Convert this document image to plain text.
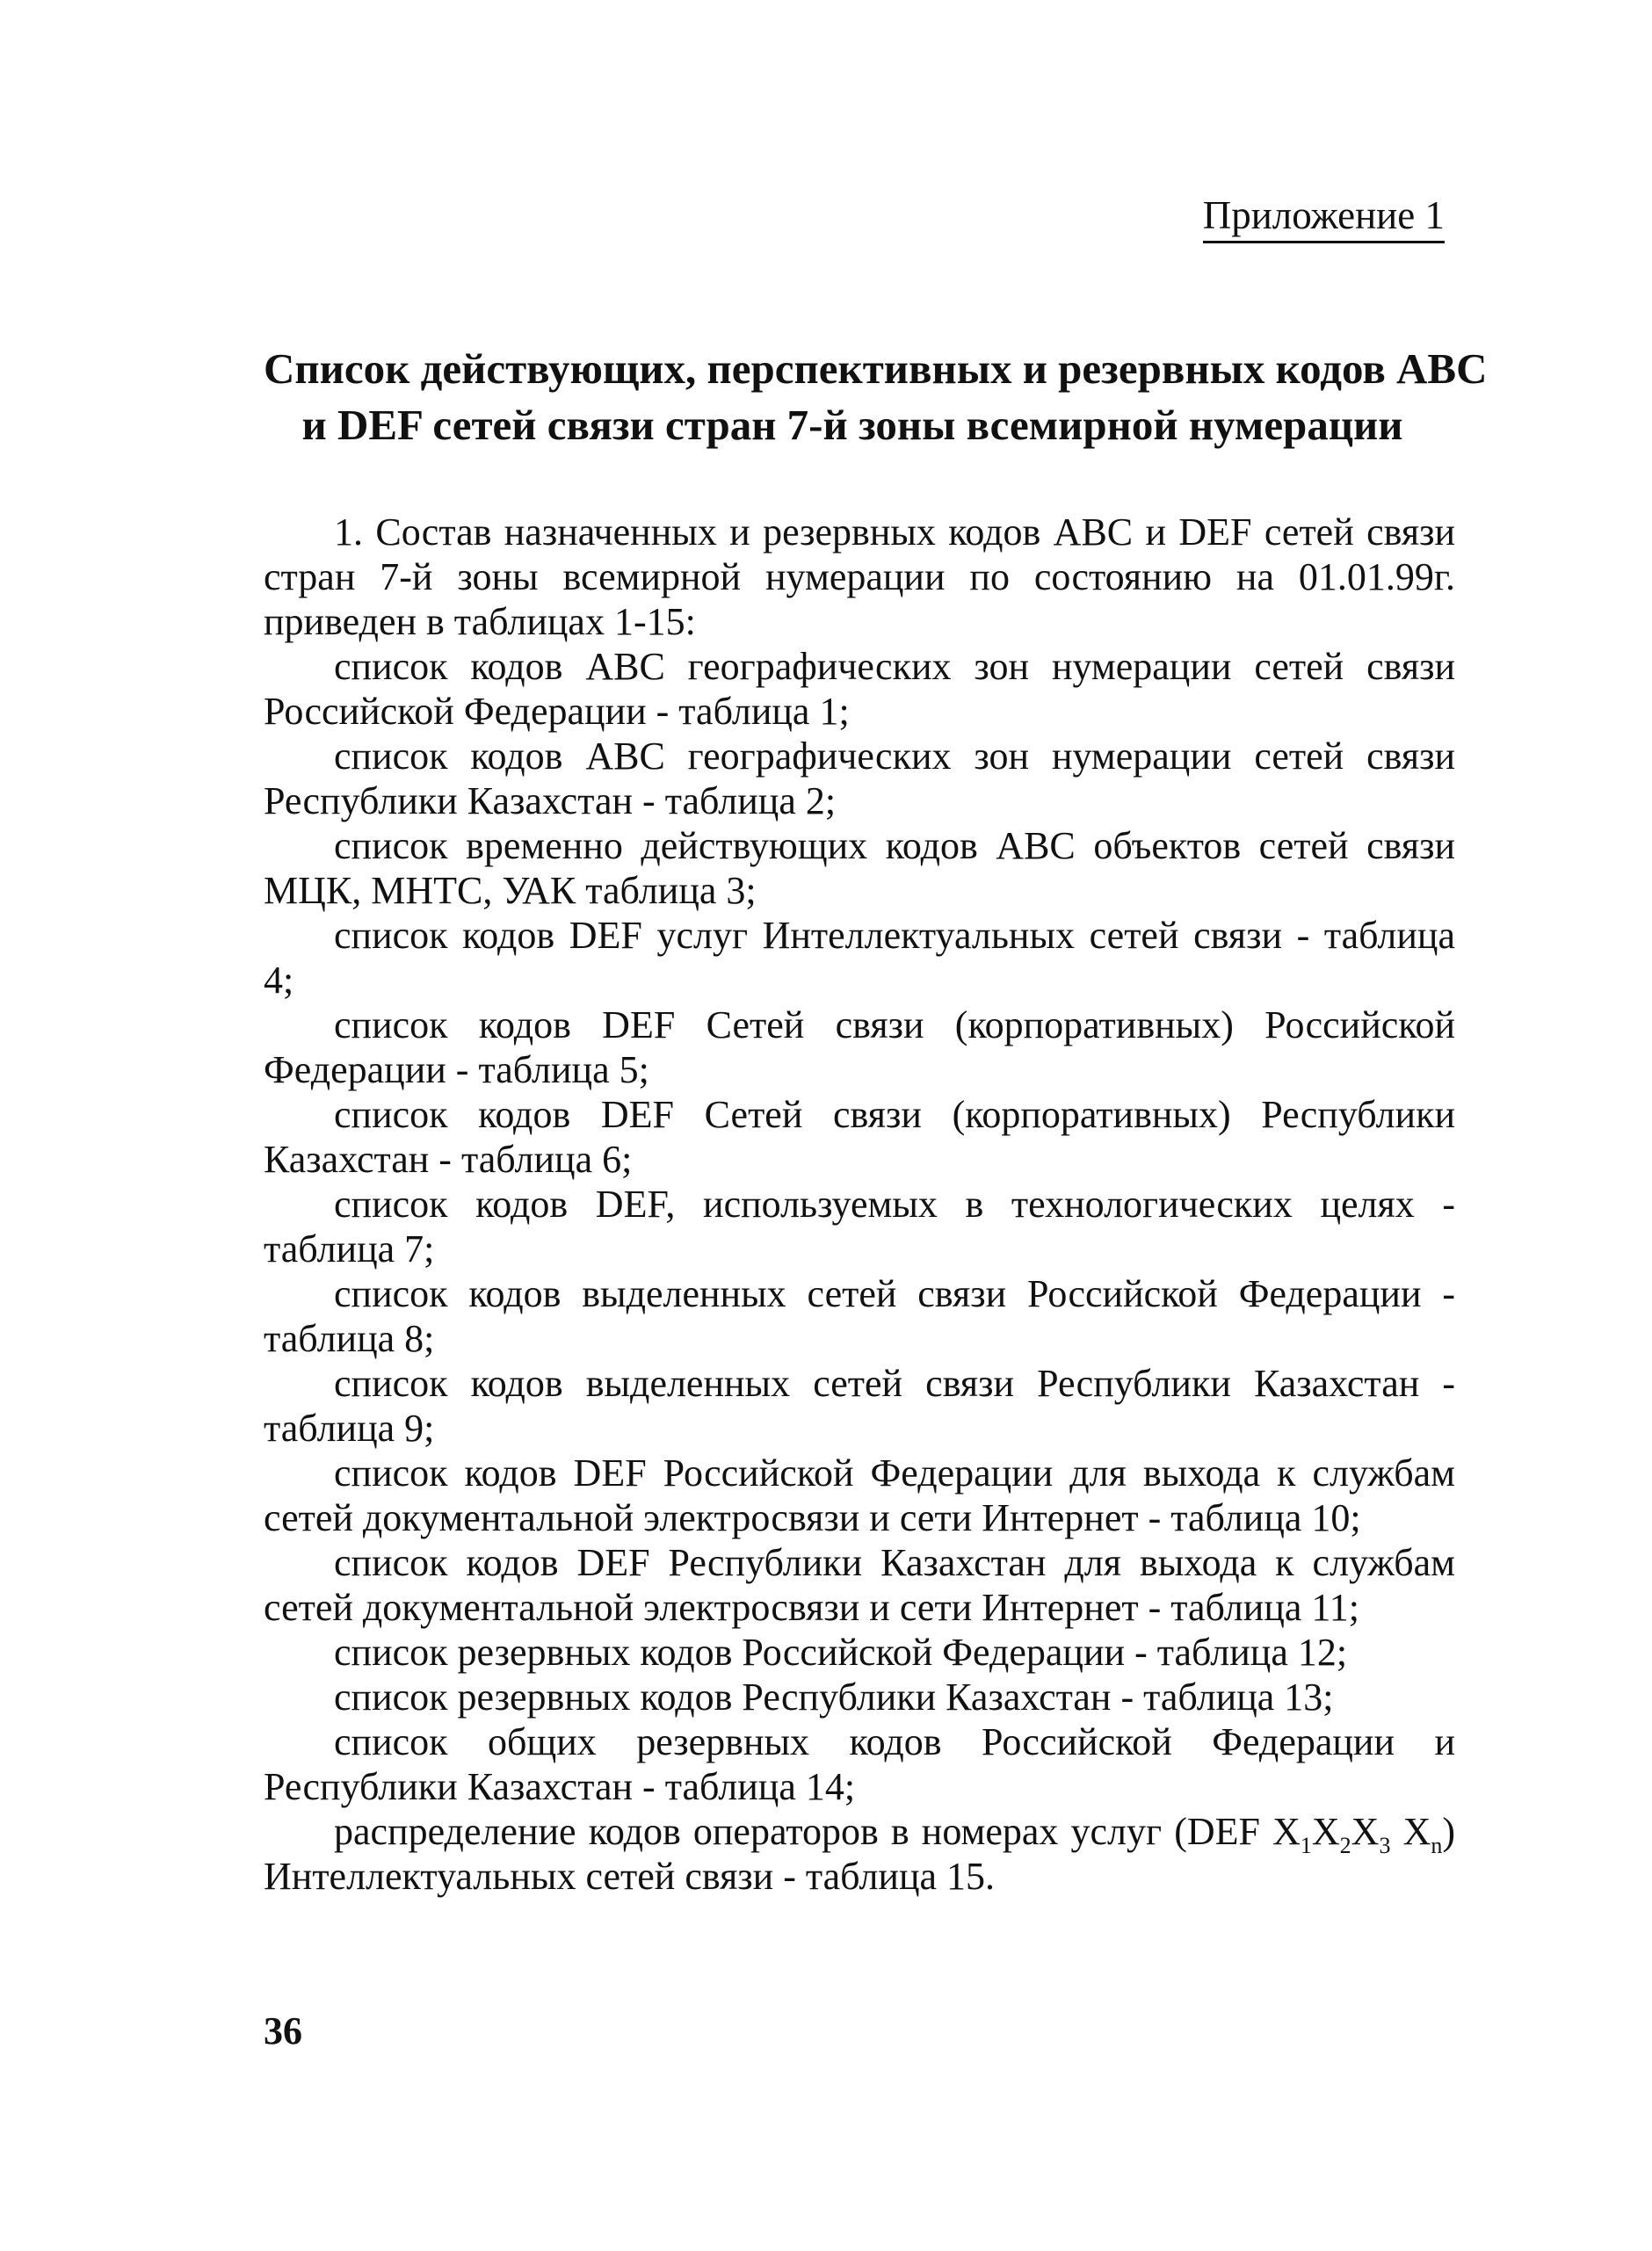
Приложение 1
Список действующих, перспективных и резервных кодов ABC
и DEF сетей связи стран 7-й зоны всемирной нумерации

1. Состав назначенных и резервных кодов ABC и DEF сетей связи стран 7-й зоны всемирной нумерации по состоянию на 01.01.99г. приведен в таблицах 1-15:

список кодов ABC географических зон нумерации сетей связи Российской Федерации - таблица 1;

список кодов ABC географических зон нумерации сетей связи Республики Казахстан - таблица 2;

список временно действующих кодов ABC объектов сетей связи МЦК, МНТС, УАК таблица 3;

список кодов DEF услуг Интеллектуальных сетей связи - таблица 4;

список кодов DEF Сетей связи (корпоративных) Российской Федерации - таблица 5;

список кодов DEF Сетей связи (корпоративных) Республики Казахстан - таблица 6;

список кодов DEF, используемых в технологических целях - таблица 7;

список кодов выделенных сетей связи Российской Федерации - таблица 8;

список кодов выделенных сетей связи Республики Казахстан - таблица 9;

список кодов DEF Российской Федерации для выхода к службам сетей документальной электросвязи и сети Интернет - таблица 10;

список кодов DEF Республики Казахстан для выхода к службам сетей документальной электросвязи и сети Интернет - таблица 11;

список резервных кодов Российской Федерации - таблица 12;

список резервных кодов Республики Казахстан - таблица 13;

список общих резервных кодов Российской Федерации и Республики Казахстан - таблица 14;

распределение кодов операторов в номерах услуг (DEF $X_1X_2X_3$ $X_n$) Интеллектуальных сетей связи - таблица 15.

36
